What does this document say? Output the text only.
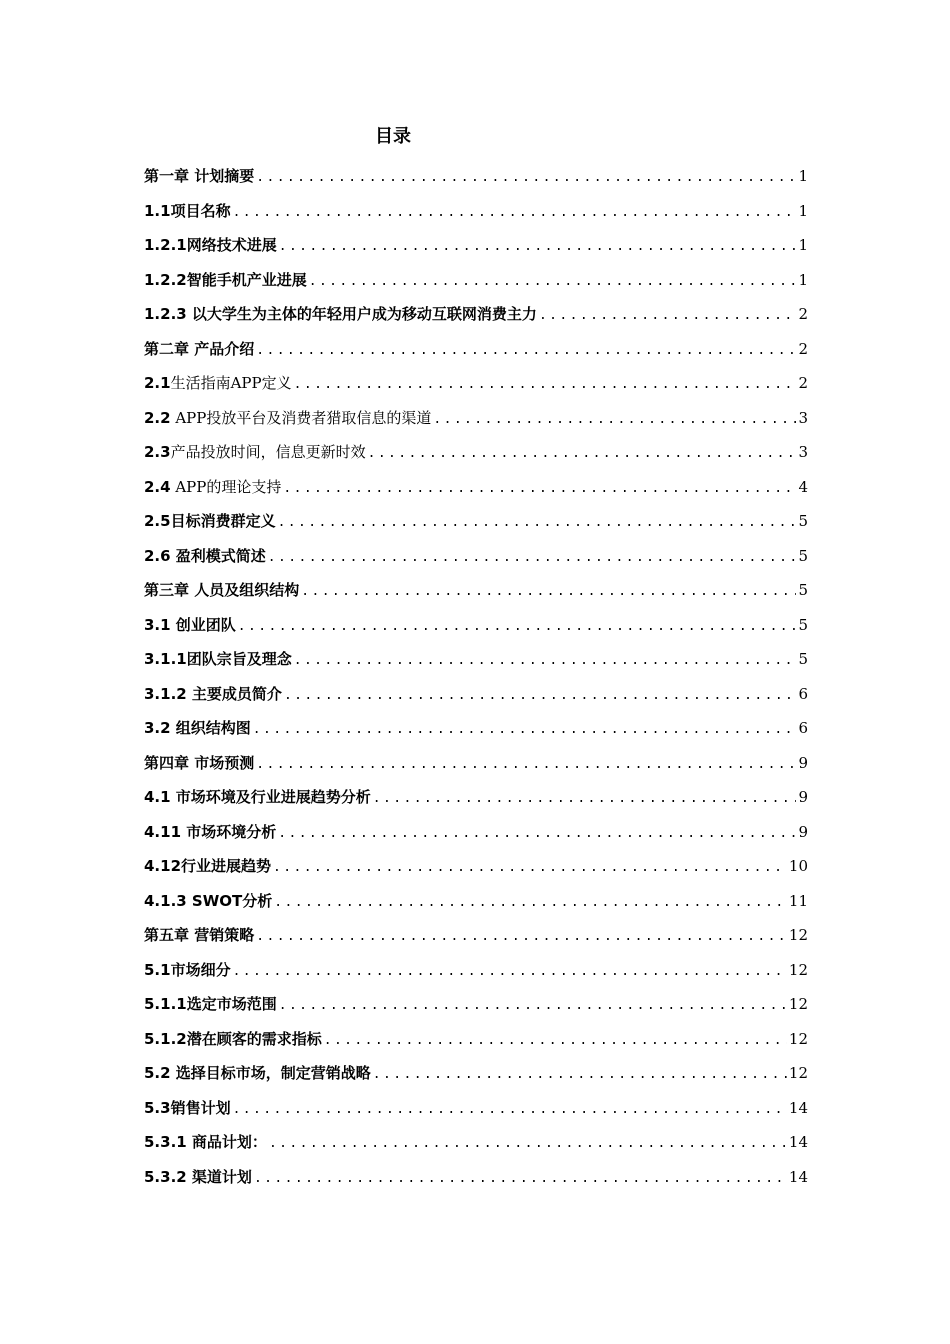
目录
第一章 计划摘要 .....	1
1.1项目名称 .....	1
1.2.1网络技术进展 .....	1
1.2.2智能手机产业进展 .....	1
1.2.3 以大学生为主体的年轻用户成为移动互联网消费主力 .....	2
第二章 产品介绍 .....	2
2.1生活指南APP定义 .....	2
2.2 APP投放平台及消费者猎取信息的渠道 .....	3
2.3产品投放时间，信息更新时效 .....	3
2.4 APP的理论支持 .....	4
2.5目标消费群定义 .....	5
2.6 盈利模式简述 .....	5
第三章 人员及组织结构 .....	5
3.1 创业团队 .....	5
3.1.1团队宗旨及理念 .....	5
3.1.2 主要成员简介 .....	6
3.2 组织结构图 .....	6
第四章 市场预测 .....	9
4.1 市场环境及行业进展趋势分析 .....	9
4.11 市场环境分析 .....	9
4.12行业进展趋势 .....	10
4.1.3 SWOT分析 .....	11
第五章 营销策略 .....	12
5.1市场细分 .....	12
5.1.1选定市场范围 .....	12
5.1.2潜在顾客的需求指标 .....	12
5.2 选择目标市场，制定营销战略 .....	12
5.3销售计划 .....	14
5.3.1 商品计划： .....	14
5.3.2 渠道计划 .....	14
